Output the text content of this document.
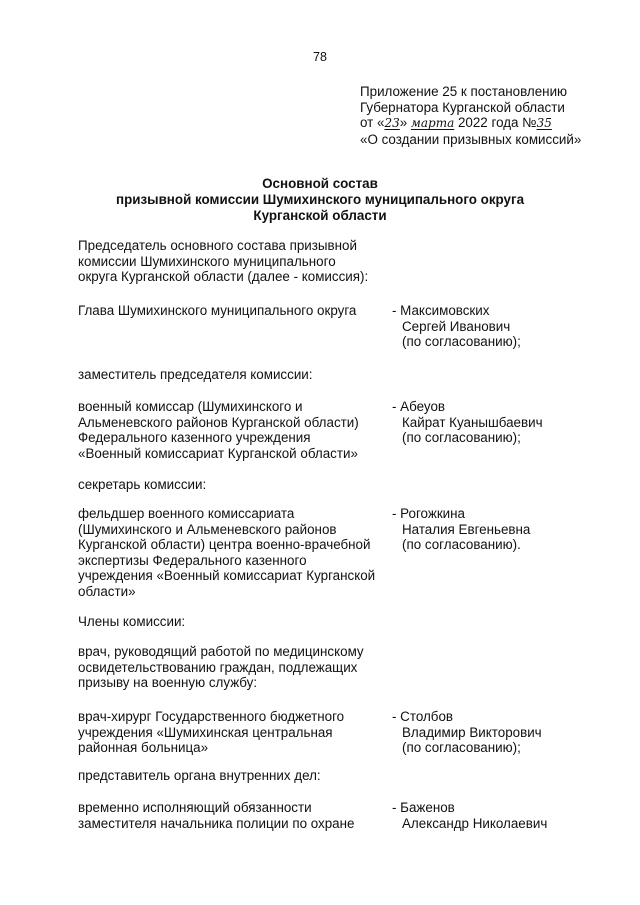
78
Приложение 25 к постановлению
Губернатора Курганской области
от «23» марта 2022 года №35
«О создании призывных комиссий»
Основной состав
призывной комиссии Шумихинского муниципального округа
Курганской области
Председатель основного состава призывной
комиссии Шумихинского муниципального
округа Курганской области (далее - комиссия):
Глава Шумихинского муниципального округа	- Максимовских
Сергей Иванович
(по согласованию);
заместитель председателя комиссии:
военный комиссар (Шумихинского и
Альменевского районов Курганской области)
Федерального казенного учреждения
«Военный комиссариат Курганской области»
- Абеуов
Кайрат Куанышбаевич
(по согласованию);
секретарь комиссии:
фельдшер военного комиссариата
(Шумихинского и Альменевского районов
Курганской области) центра военно-врачебной
экспертизы Федерального казенного
учреждения «Военный комиссариат Курганской
области»
- Рогожкина
Наталия Евгеньевна
(по согласованию).
Члены комиссии:
врач, руководящий работой по медицинскому
освидетельствованию граждан, подлежащих
призыву на военную службу:
врач-хирург Государственного бюджетного
учреждения «Шумихинская центральная
районная больница»
- Столбов
Владимир Викторович
(по согласованию);
представитель органа внутренних дел:
временно исполняющий обязанности
заместителя начальника полиции по охране
- Баженов
Александр Николаевич
